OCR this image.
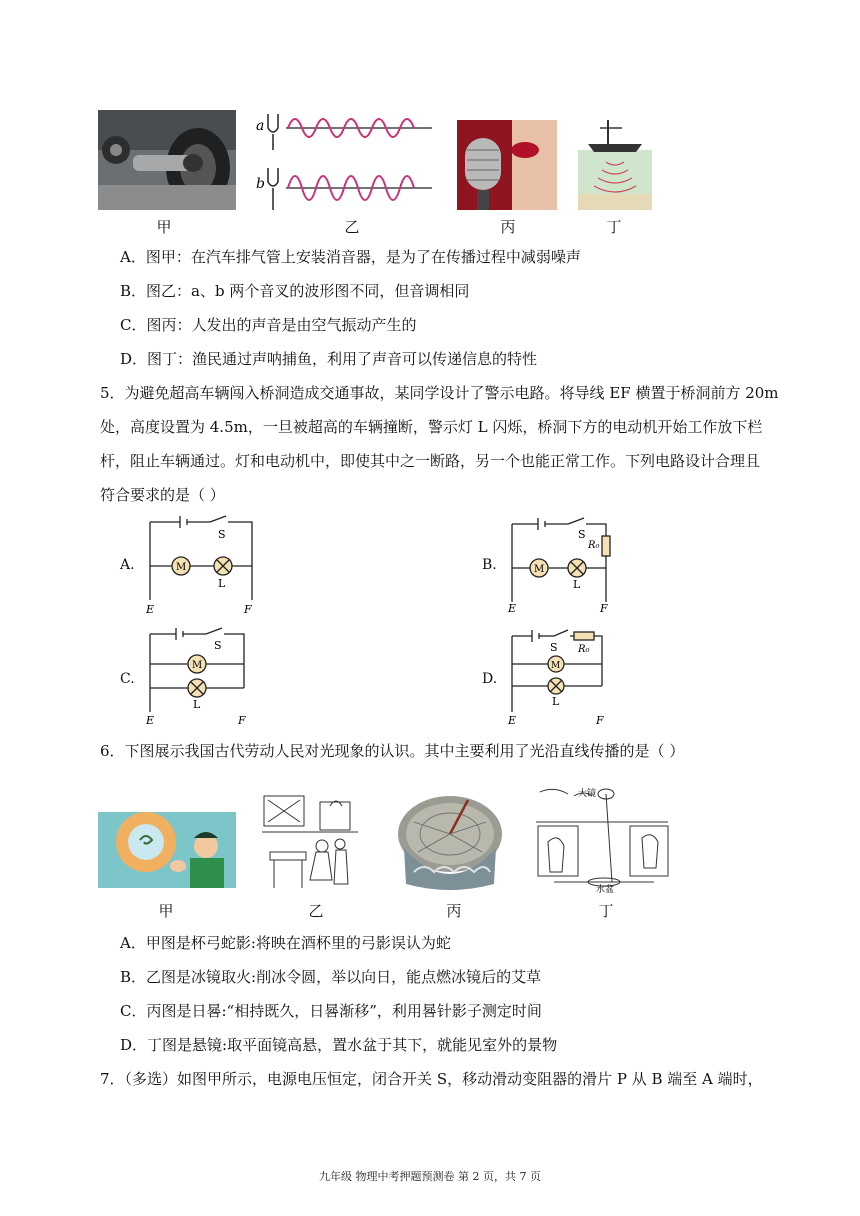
a
b
甲	乙	丙	丁
A．图甲：在汽车排气管上安装消音器，是为了在传播过程中减弱噪声
B．图乙：a、b 两个音叉的波形图不同，但音调相同
C．图丙：人发出的声音是由空气振动产生的
D．图丁：渔民通过声呐捕鱼，利用了声音可以传递信息的特性
5．为避免超高车辆闯入桥洞造成交通事故，某同学设计了警示电路。将导线 EF 横置于桥洞前方 20m
处，高度设置为 4.5m，一旦被超高的车辆撞断，警示灯 L 闪烁，桥洞下方的电动机开始工作放下栏
杆，阻止车辆通过。灯和电动机中，即使其中之一断路，另一个也能正常工作。下列电路设计合理且
符合要求的是（ ）
A.	M
S
L
E	F
B.	M
S
R₀
L
E	F
C.
M
S
L
E	F
D.
M
S R₀
L
E	F
6．下图展示我国古代劳动人民对光现象的认识。其中主要利用了光沿直线传播的是（ ）
大镜
水盆
甲	乙	丙	丁
A．甲图是杯弓蛇影:将映在酒杯里的弓影误认为蛇
B．乙图是冰镜取火:削冰令圆，举以向日，能点燃冰镜后的艾草
C．丙图是日晷:“相持既久，日晷渐移”，利用晷针影子测定时间
D．丁图是悬镜:取平面镜高悬，置水盆于其下，就能见室外的景物
7．（多选）如图甲所示，电源电压恒定，闭合开关 S，移动滑动变阻器的滑片 P 从 B 端至 A 端时，
九年级 物理中考押题预测卷 第 2 页，共 7 页
